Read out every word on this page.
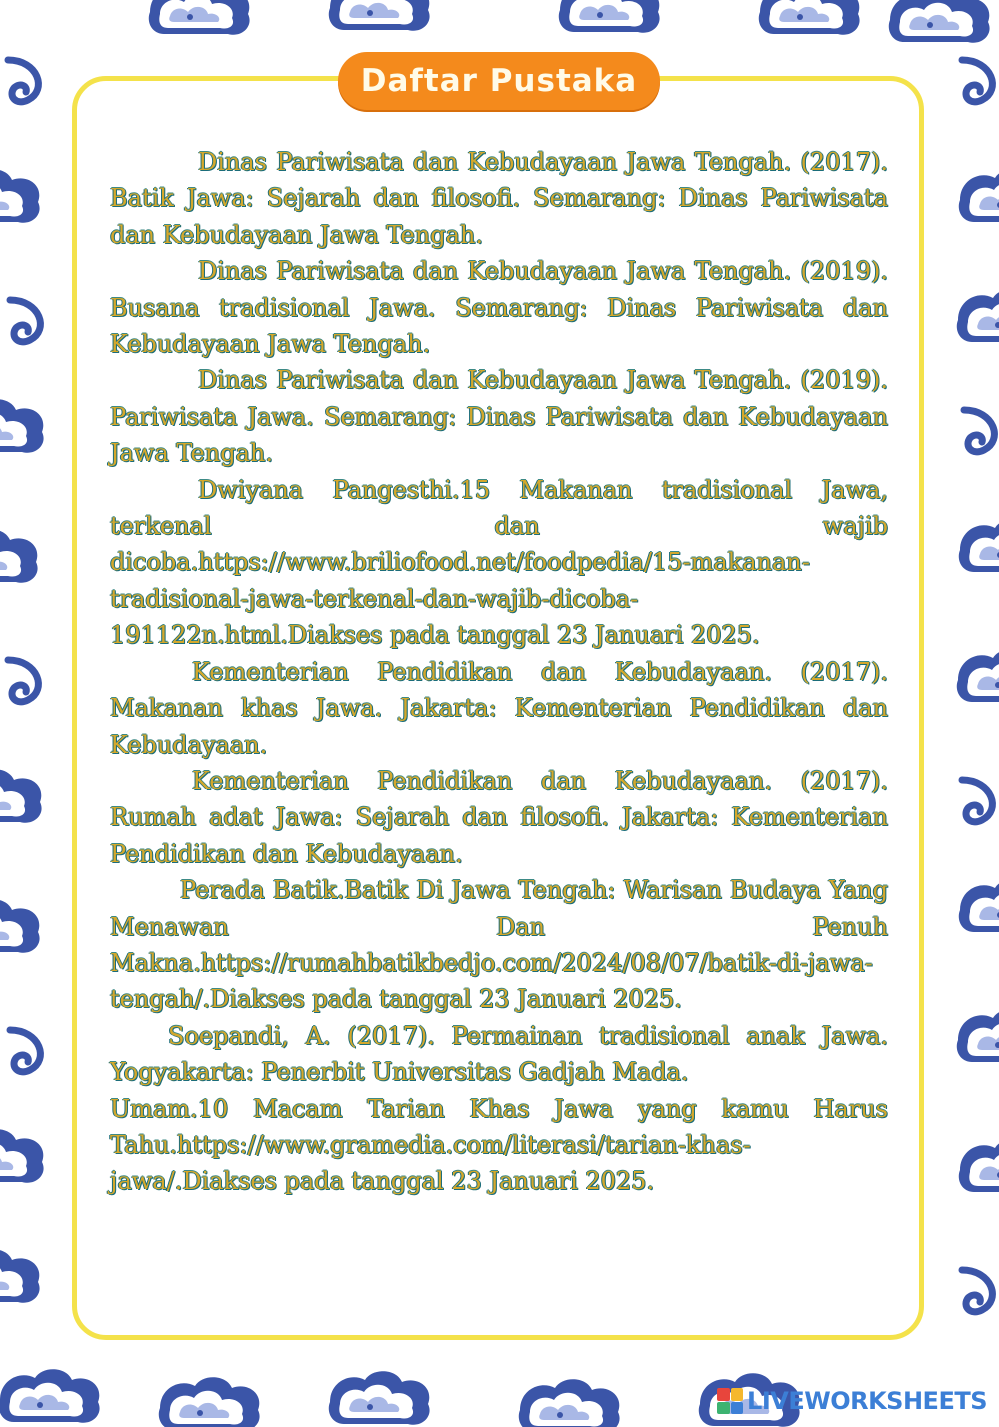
Daftar Pustaka

Dinas Pariwisata dan Kebudayaan Jawa Tengah. (2017). Batik Jawa: Sejarah dan filosofi. Semarang: Dinas Pariwisata dan Kebudayaan Jawa Tengah.

Dinas Pariwisata dan Kebudayaan Jawa Tengah. (2019). Busana tradisional Jawa. Semarang: Dinas Pariwisata dan Kebudayaan Jawa Tengah.

Dinas Pariwisata dan Kebudayaan Jawa Tengah. (2019). Pariwisata Jawa. Semarang: Dinas Pariwisata dan Kebudayaan Jawa Tengah.

Dwiyana Pangesthi.15 Makanan tradisional Jawa, terkenal dan wajib dicoba.https://www.briliofood.net/foodpedia/15-makanan-tradisional-jawa-terkenal-dan-wajib-dicoba-191122n.html.Diakses pada tanggal 23 Januari 2025.

Kementerian Pendidikan dan Kebudayaan. (2017). Makanan khas Jawa. Jakarta: Kementerian Pendidikan dan Kebudayaan.

Kementerian Pendidikan dan Kebudayaan. (2017). Rumah adat Jawa: Sejarah dan filosofi. Jakarta: Kementerian Pendidikan dan Kebudayaan.

Perada Batik.Batik Di Jawa Tengah: Warisan Budaya Yang Menawan Dan Penuh Makna.https://rumahbatikbedjo.com/2024/08/07/batik-di-jawa-tengah/.Diakses pada tanggal 23 Januari 2025.

Soepandi, A. (2017). Permainan tradisional anak Jawa. Yogyakarta: Penerbit Universitas Gadjah Mada.

Umam.10 Macam Tarian Khas Jawa yang kamu Harus Tahu.https://www.gramedia.com/literasi/tarian-khas-jawa/.Diakses pada tanggal 23 Januari 2025.

LIVEWORKSHEETS
